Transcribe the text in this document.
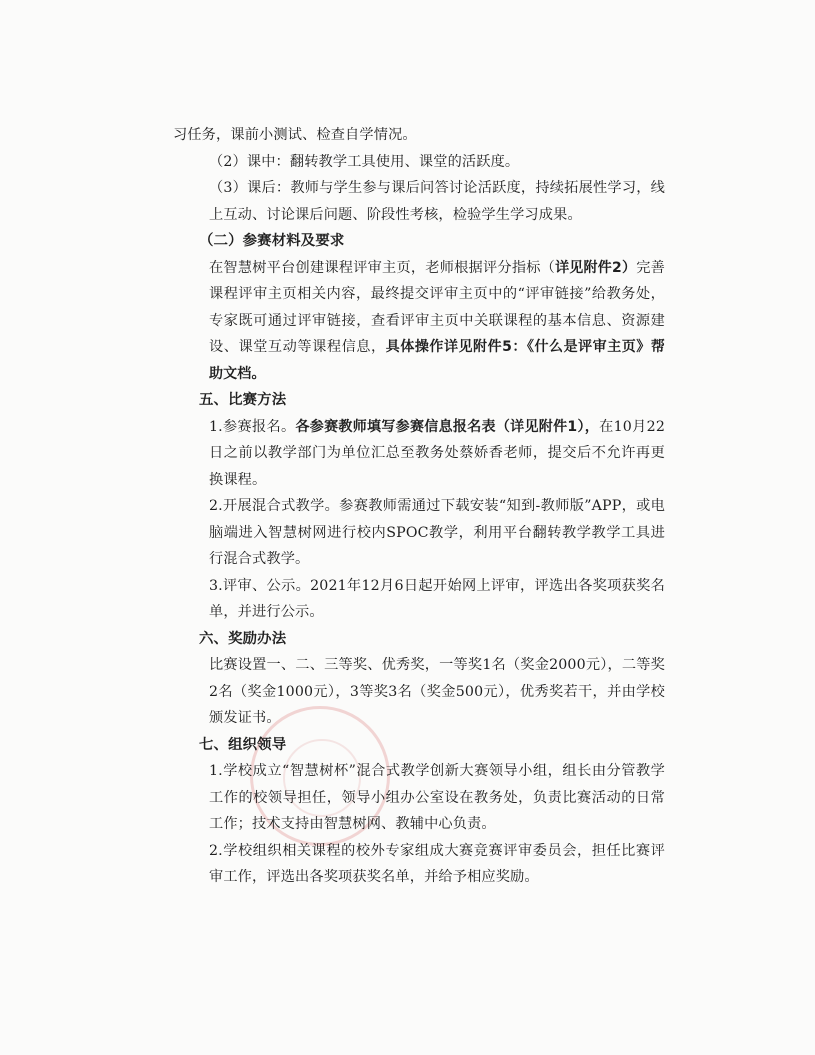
习任务，课前小测试、检查自学情况。

（2）课中：翻转教学工具使用、课堂的活跃度。

（3）课后：教师与学生参与课后问答讨论活跃度，持续拓展性学习，线上互动、讨论课后问题、阶段性考核，检验学生学习成果。

（二）参赛材料及要求

在智慧树平台创建课程评审主页，老师根据评分指标（详见附件2）完善课程评审主页相关内容，最终提交评审主页中的“评审链接”给教务处，专家既可通过评审链接，查看评审主页中关联课程的基本信息、资源建设、课堂互动等课程信息，具体操作详见附件5：《什么是评审主页》帮助文档。

五、比赛方法

1.参赛报名。各参赛教师填写参赛信息报名表（详见附件1），在10月22日之前以教学部门为单位汇总至教务处蔡娇香老师，提交后不允许再更换课程。

2.开展混合式教学。参赛教师需通过下载安装“知到-教师版”APP，或电脑端进入智慧树网进行校内SPOC教学，利用平台翻转教学教学工具进行混合式教学。

3.评审、公示。2021年12月6日起开始网上评审，评选出各奖项获奖名单，并进行公示。

六、奖励办法

比赛设置一、二、三等奖、优秀奖，一等奖1名（奖金2000元），二等奖2名（奖金1000元），3等奖3名（奖金500元），优秀奖若干，并由学校颁发证书。

七、组织领导

1.学校成立“智慧树杯”混合式教学创新大赛领导小组，组长由分管教学工作的校领导担任，领导小组办公室设在教务处，负责比赛活动的日常工作；技术支持由智慧树网、教辅中心负责。

2.学校组织相关课程的校外专家组成大赛竞赛评审委员会，担任比赛评审工作，评选出各奖项获奖名单，并给予相应奖励。
